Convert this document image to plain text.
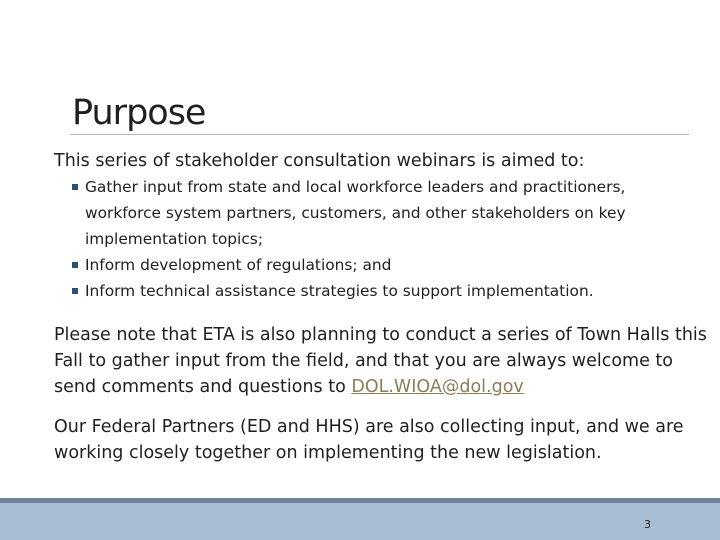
Purpose

This series of stakeholder consultation webinars is aimed to:

Gather input from state and local workforce leaders and practitioners, workforce system partners, customers, and other stakeholders on key implementation topics;
Inform development of regulations; and
Inform technical assistance strategies to support implementation.

Please note that ETA is also planning to conduct a series of Town Halls this Fall to gather input from the field, and that you are always welcome to send comments and questions to DOL.WIOA@dol.gov

Our Federal Partners (ED and HHS) are also collecting input, and we are working closely together on implementing the new legislation.

3
